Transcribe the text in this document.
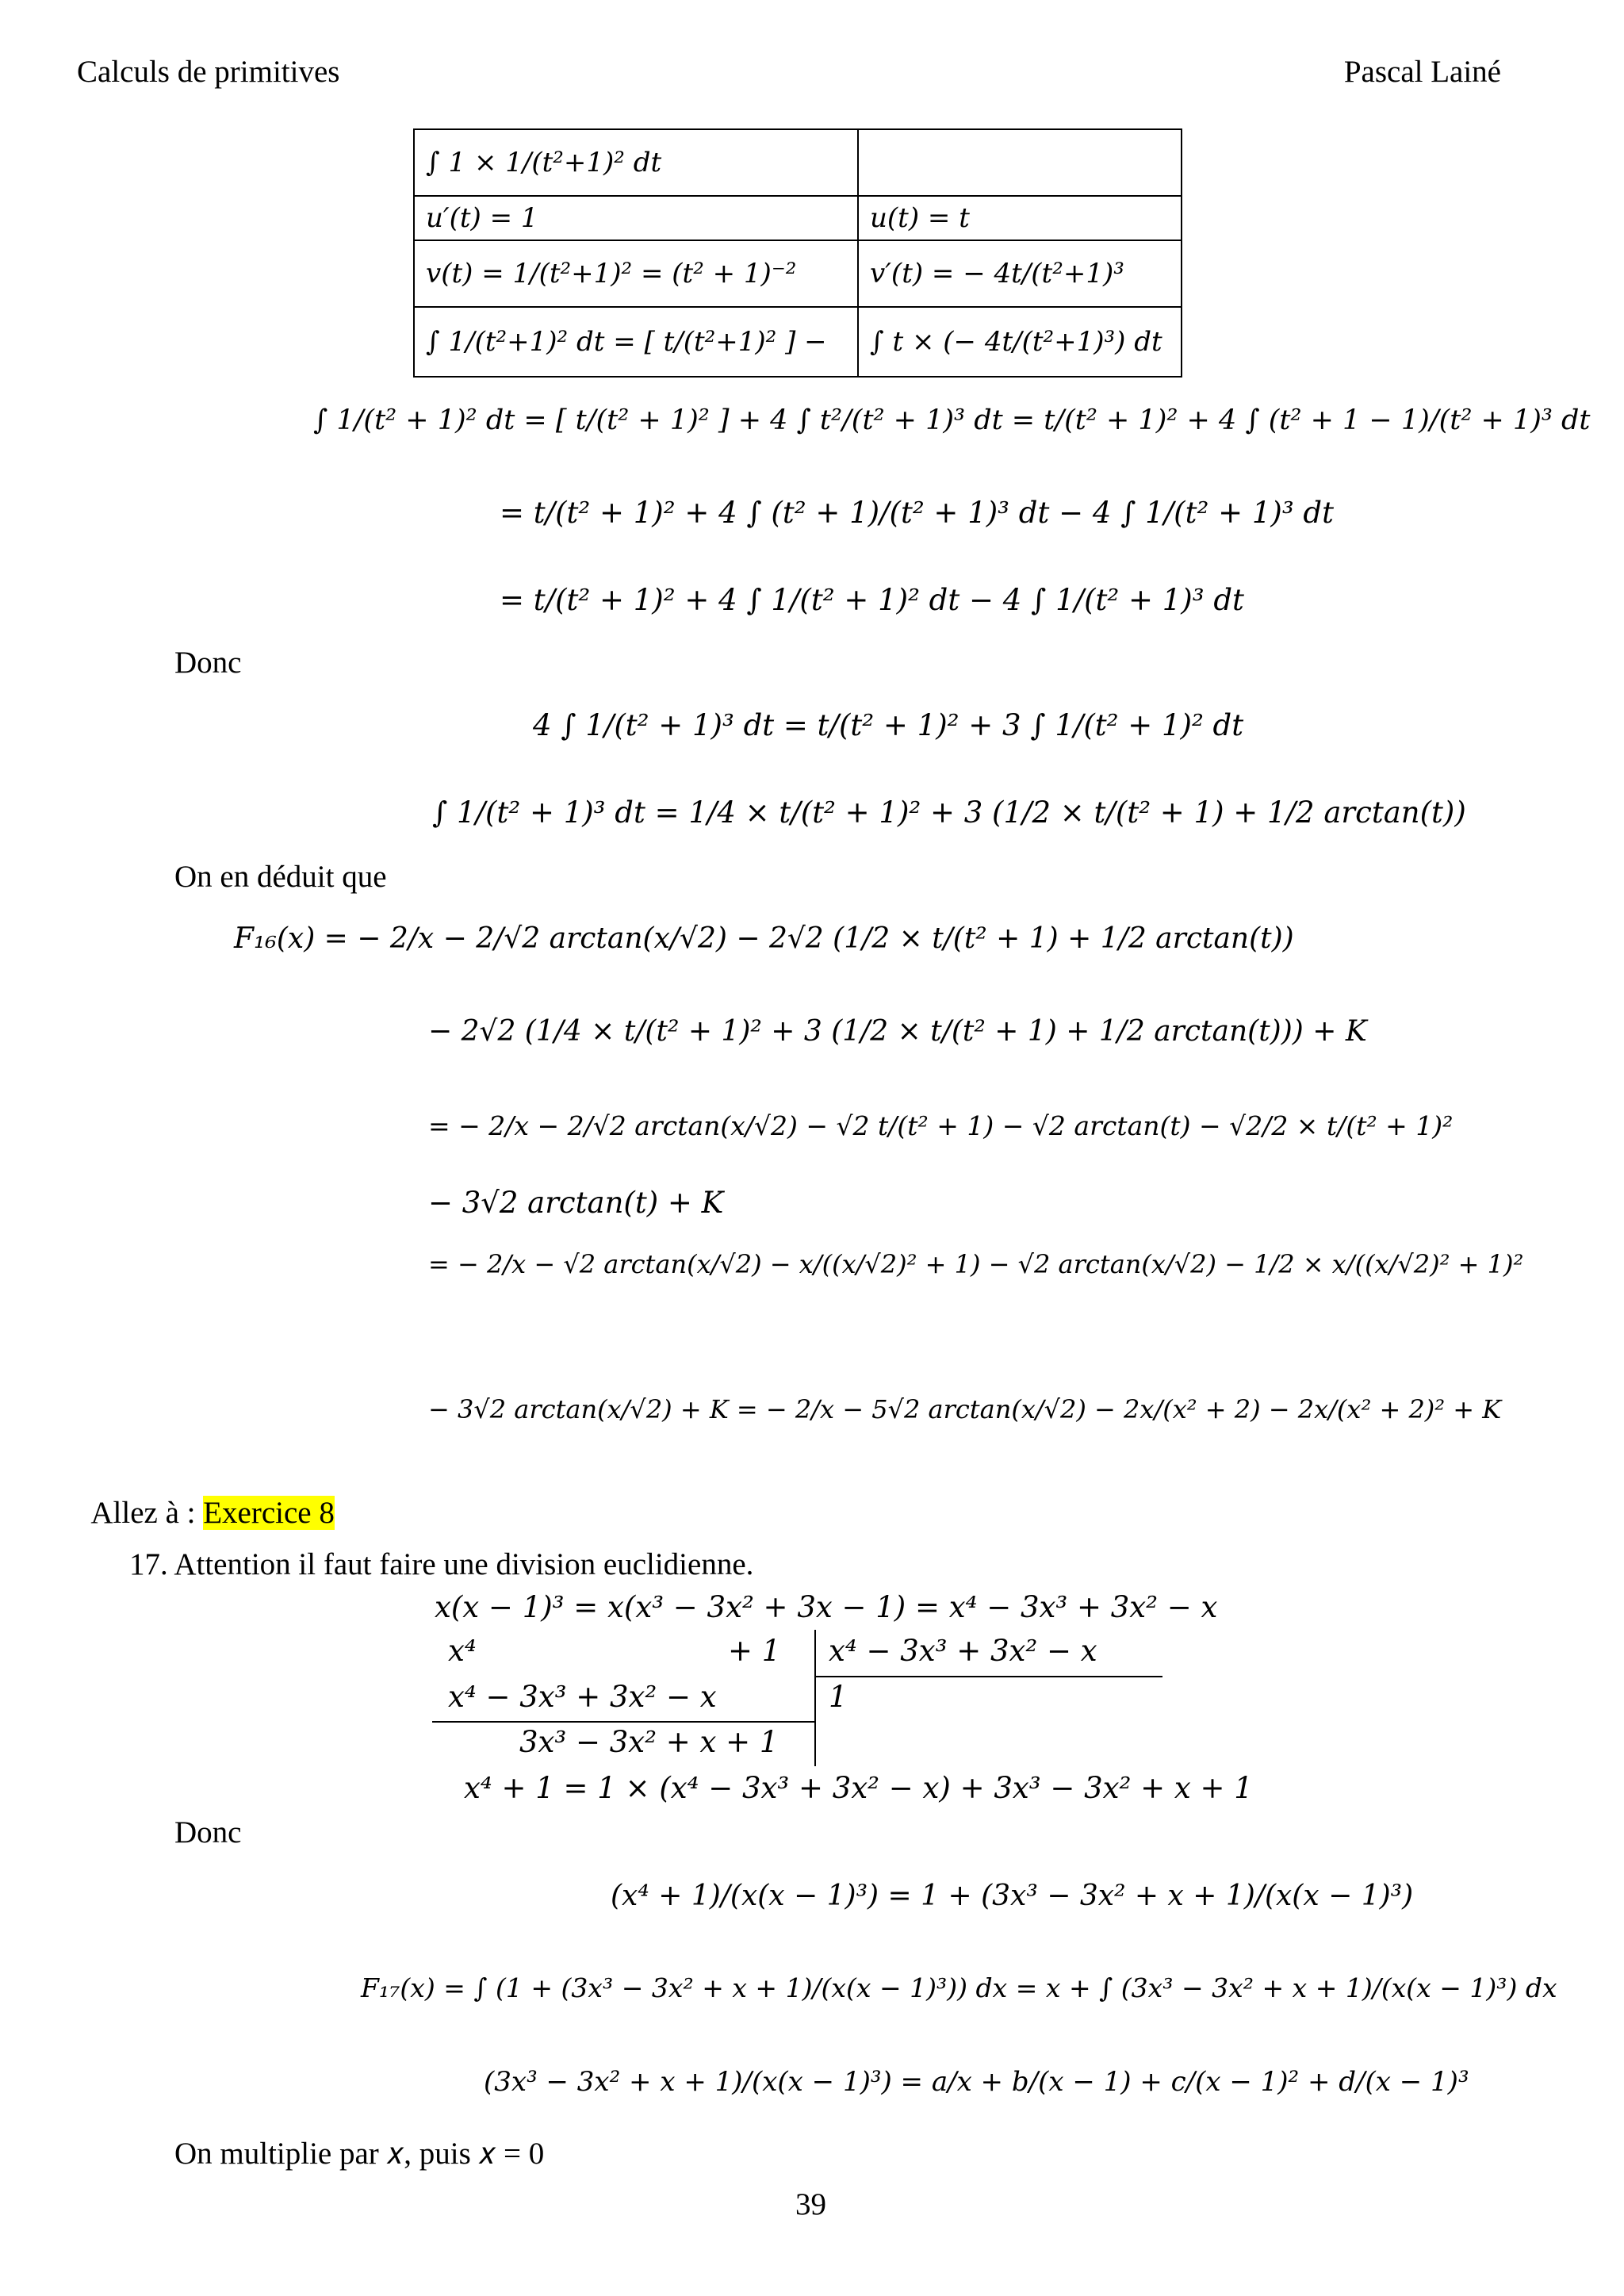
Calculs de primitives	Pascal Lainé
∫ 1 × 1/(t²+1)² dt	
u′(t) = 1	u(t) = t
v(t) = 1/(t²+1)² = (t² + 1)⁻²	v′(t) = − 4t/(t²+1)³
∫ 1/(t²+1)² dt = [ t/(t²+1)² ] −	∫ t × (− 4t/(t²+1)³) dt
∫ 1/(t² + 1)² dt = [ t/(t² + 1)² ] + 4 ∫ t²/(t² + 1)³ dt = t/(t² + 1)² + 4 ∫ (t² + 1 − 1)/(t² + 1)³ dt
= t/(t² + 1)² + 4 ∫ (t² + 1)/(t² + 1)³ dt − 4 ∫ 1/(t² + 1)³ dt
= t/(t² + 1)² + 4 ∫ 1/(t² + 1)² dt − 4 ∫ 1/(t² + 1)³ dt
Donc
4 ∫ 1/(t² + 1)³ dt = t/(t² + 1)² + 3 ∫ 1/(t² + 1)² dt
∫ 1/(t² + 1)³ dt = 1/4 × t/(t² + 1)² + 3 (1/2 × t/(t² + 1) + 1/2 arctan(t))
On en déduit que
F₁₆(x) = − 2/x − 2/√2 arctan(x/√2) − 2√2 (1/2 × t/(t² + 1) + 1/2 arctan(t))
− 2√2 (1/4 × t/(t² + 1)² + 3 (1/2 × t/(t² + 1) + 1/2 arctan(t))) + K
= − 2/x − 2/√2 arctan(x/√2) − √2 t/(t² + 1) − √2 arctan(t) − √2/2 × t/(t² + 1)²
− 3√2 arctan(t) + K
= − 2/x − √2 arctan(x/√2) − x/((x/√2)² + 1) − √2 arctan(x/√2) − 1/2 × x/((x/√2)² + 1)²
− 3√2 arctan(x/√2) + K = − 2/x − 5√2 arctan(x/√2) − 2x/(x² + 2) − 2x/(x² + 2)² + K

Allez à : Exercice 8

17. Attention il faut faire une division euclidienne.
x(x − 1)³ = x(x³ − 3x² + 3x − 1) = x⁴ − 3x³ + 3x² − x
x⁴	+ 1 x⁴ − 3x³ + 3x² − x
x⁴ − 3x³ + 3x² − x	1
3x³ − 3x² + x + 1
x⁴ + 1 = 1 × (x⁴ − 3x³ + 3x² − x) + 3x³ − 3x² + x + 1
Donc
(x⁴ + 1)/(x(x − 1)³) = 1 + (3x³ − 3x² + x + 1)/(x(x − 1)³)
F₁₇(x) = ∫ (1 + (3x³ − 3x² + x + 1)/(x(x − 1)³)) dx = x + ∫ (3x³ − 3x² + x + 1)/(x(x − 1)³) dx
(3x³ − 3x² + x + 1)/(x(x − 1)³) = a/x + b/(x − 1) + c/(x − 1)² + d/(x − 1)³
On multiplie par 𝑥, puis 𝑥 = 0
39
